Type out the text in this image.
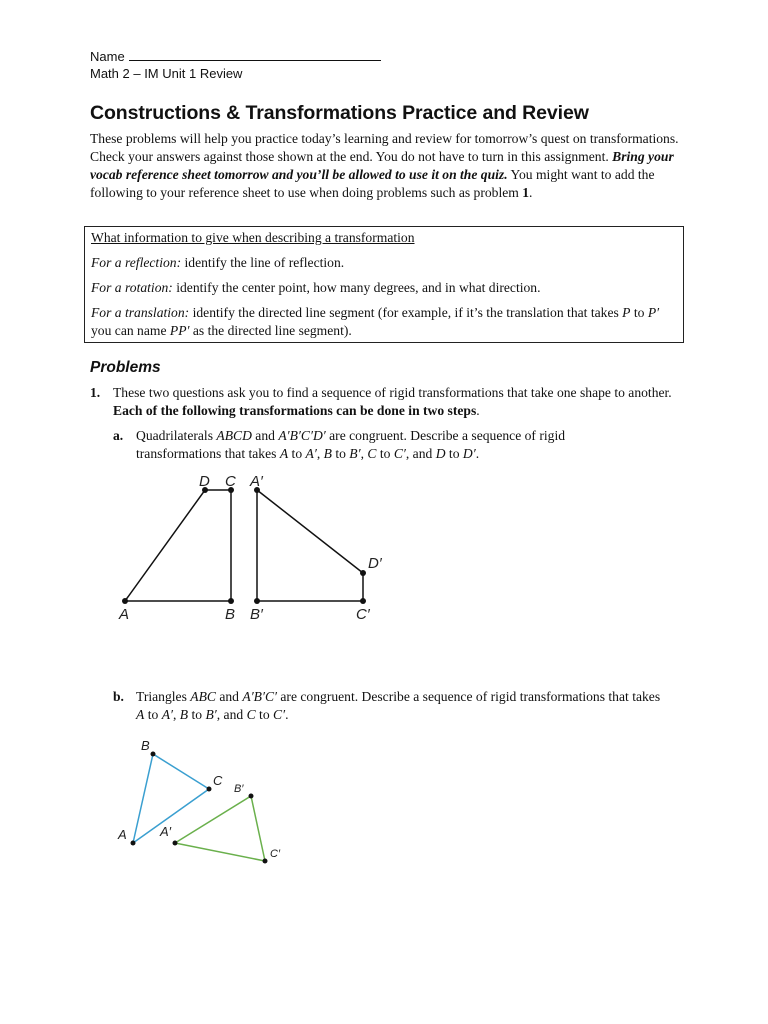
Name
Math 2 – IM Unit 1 Review
Constructions & Transformations Practice and Review
These problems will help you practice today’s learning and review for tomorrow’s quest on transformations. Check your answers against those shown at the end. You do not have to turn in this assignment. Bring your vocab reference sheet tomorrow and you’ll be allowed to use it on the quiz. You might want to add the following to your reference sheet to use when doing problems such as problem 1.

What information to give when describing a transformation

For a reflection: identify the line of reflection.

For a rotation: identify the center point, how many degrees, and in what direction.

For a translation: identify the directed line segment (for example, if it’s the translation that takes P to P′ you can name PP′ as the directed line segment).

Problems
1. These two questions ask you to find a sequence of rigid transformations that take one shape to another. Each of the following transformations can be done in two steps.
a. Quadrilaterals ABCD and A′B′C′D′ are congruent. Describe a sequence of rigid transformations that takes A to A′, B to B′, C to C′, and D to D′.
D C A′
D′
A	B B′	C′
b. Triangles ABC and A′B′C′ are congruent. Describe a sequence of rigid transformations that takes A to A′, B to B′, and C to C′.
B
C
A	A′
B′
C′
